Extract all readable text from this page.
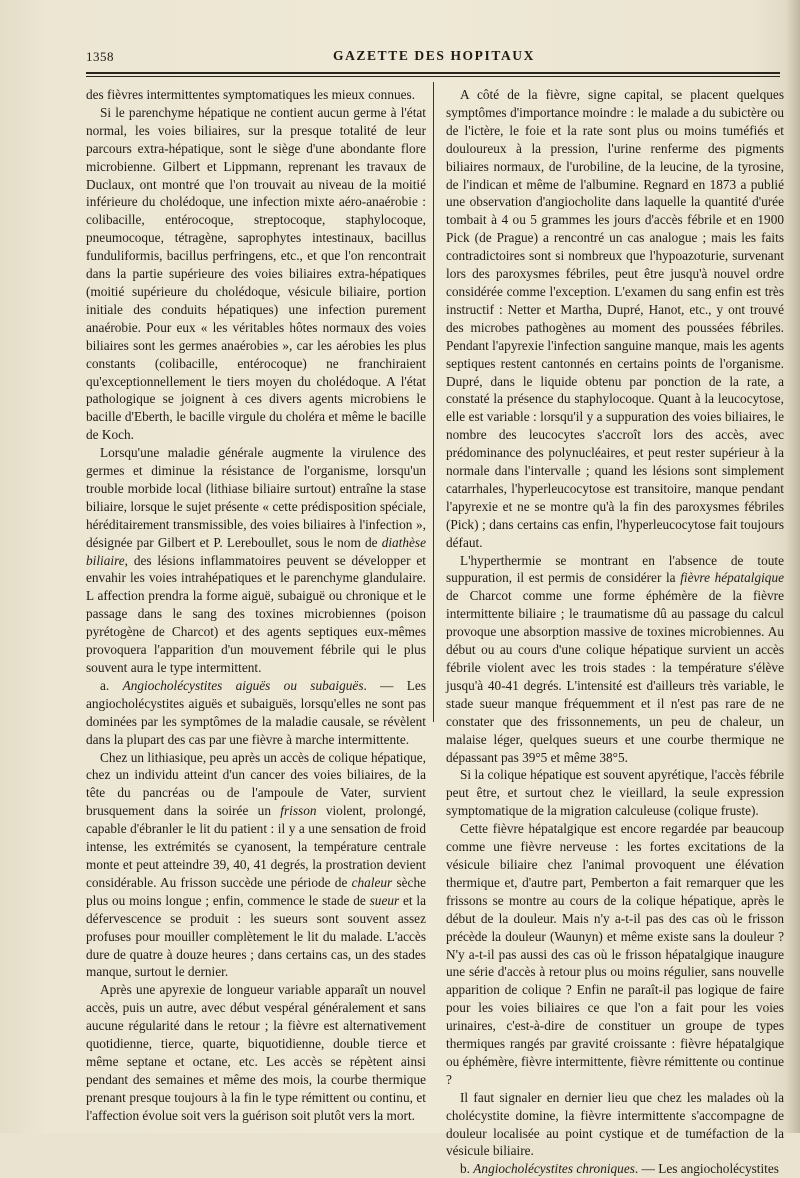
1358	GAZETTE DES HOPITAUX

des fièvres intermittentes symptomatiques les mieux connues.

Si le parenchyme hépatique ne contient aucun germe à l'état normal, les voies biliaires, sur la presque totalité de leur parcours extra-hépatique, sont le siège d'une abondante flore microbienne. Gilbert et Lippmann, reprenant les travaux de Duclaux, ont montré que l'on trouvait au niveau de la moitié inférieure du cholédoque, une infection mixte aéro-anaérobie : colibacille, entérocoque, streptocoque, staphylocoque, pneumocoque, tétragène, saprophytes intestinaux, bacillus funduliformis, bacillus perfringens, etc., et que l'on rencontrait dans la partie supérieure des voies biliaires extra-hépatiques (moitié supérieure du cholédoque, vésicule biliaire, portion initiale des conduits hépatiques) une infection purement anaérobie. Pour eux « les véritables hôtes normaux des voies biliaires sont les germes anaérobies », car les aérobies les plus constants (colibacille, entérocoque) ne franchiraient qu'exceptionnellement le tiers moyen du cholédoque. A l'état pathologique se joignent à ces divers agents microbiens le bacille d'Eberth, le bacille virgule du choléra et même le bacille de Koch.

Lorsqu'une maladie générale augmente la virulence des germes et diminue la résistance de l'organisme, lorsqu'un trouble morbide local (lithiase biliaire surtout) entraîne la stase biliaire, lorsque le sujet présente « cette prédisposition spéciale, héréditairement transmissible, des voies biliaires à l'infection », désignée par Gilbert et P. Lereboullet, sous le nom de diathèse biliaire, des lésions inflammatoires peuvent se développer et envahir les voies intrahépatiques et le parenchyme glandulaire. L affection prendra la forme aiguë, subaiguë ou chronique et le passage dans le sang des toxines microbiennes (poison pyrétogène de Charcot) et des agents septiques eux-mêmes provoquera l'apparition d'un mouvement fébrile qui le plus souvent aura le type intermittent.

a. Angiocholécystites aiguës ou subaiguës. — Les angiocholécystites aiguës et subaiguës, lorsqu'elles ne sont pas dominées par les symptômes de la maladie causale, se révèlent dans la plupart des cas par une fièvre à marche intermittente.

Chez un lithiasique, peu après un accès de colique hépatique, chez un individu atteint d'un cancer des voies biliaires, de la tête du pancréas ou de l'ampoule de Vater, survient brusquement dans la soirée un frisson violent, prolongé, capable d'ébranler le lit du patient : il y a une sensation de froid intense, les extrémités se cyanosent, la température centrale monte et peut atteindre 39, 40, 41 degrés, la prostration devient considérable. Au frisson succède une période de chaleur sèche plus ou moins longue ; enfin, commence le stade de sueur et la défervescence se produit : les sueurs sont souvent assez profuses pour mouiller complètement le lit du malade. L'accès dure de quatre à douze heures ; dans certains cas, un des stades manque, surtout le dernier.

Après une apyrexie de longueur variable apparaît un nouvel accès, puis un autre, avec début vespéral généralement et sans aucune régularité dans le retour ; la fièvre est alternativement quotidienne, tierce, quarte, biquotidienne, double tierce et même septane et octane, etc. Les accès se répètent ainsi pendant des semaines et même des mois, la courbe thermique prenant presque toujours à la fin le type rémittent ou continu, et l'affection évolue soit vers la guérison soit plutôt vers la mort.

A côté de la fièvre, signe capital, se placent quelques symptômes d'importance moindre : le malade a du subictère ou de l'ictère, le foie et la rate sont plus ou moins tuméfiés et douloureux à la pression, l'urine renferme des pigments biliaires normaux, de l'urobiline, de la leucine, de la tyrosine, de l'indican et même de l'albumine. Regnard en 1873 a publié une observation d'angiocholite dans laquelle la quantité d'urée tombait à 4 ou 5 grammes les jours d'accès fébrile et en 1900 Pick (de Prague) a rencontré un cas analogue ; mais les faits contradictoires sont si nombreux que l'hypoazoturie, survenant lors des paroxysmes fébriles, peut être jusqu'à nouvel ordre considérée comme l'exception. L'examen du sang enfin est très instructif : Netter et Martha, Dupré, Hanot, etc., y ont trouvé des microbes pathogènes au moment des poussées fébriles. Pendant l'apyrexie l'infection sanguine manque, mais les agents septiques restent cantonnés en certains points de l'organisme. Dupré, dans le liquide obtenu par ponction de la rate, a constaté la présence du staphylocoque. Quant à la leucocytose, elle est variable : lorsqu'il y a suppuration des voies biliaires, le nombre des leucocytes s'accroît lors des accès, avec prédominance des polynucléaires, et peut rester supérieur à la normale dans l'intervalle ; quand les lésions sont simplement catarrhales, l'hyperleucocytose est transitoire, manque pendant l'apyrexie et ne se montre qu'à la fin des paroxysmes fébriles (Pick) ; dans certains cas enfin, l'hyperleucocytose fait toujours défaut.

L'hyperthermie se montrant en l'absence de toute suppuration, il est permis de considérer la fièvre hépatalgique de Charcot comme une forme éphémère de la fièvre intermittente biliaire ; le traumatisme dû au passage du calcul provoque une absorption massive de toxines microbiennes. Au début ou au cours d'une colique hépatique survient un accès fébrile violent avec les trois stades : la température s'élève jusqu'à 40-41 degrés. L'intensité est d'ailleurs très variable, le stade sueur manque fréquemment et il n'est pas rare de ne constater que des frissonnements, un peu de chaleur, un malaise léger, quelques sueurs et une courbe thermique ne dépassant pas 39°5 et même 38°5.

Si la colique hépatique est souvent apyrétique, l'accès fébrile peut être, et surtout chez le vieillard, la seule expression symptomatique de la migration calculeuse (colique fruste).

Cette fièvre hépatalgique est encore regardée par beaucoup comme une fièvre nerveuse : les fortes excitations de la vésicule biliaire chez l'animal provoquent une élévation thermique et, d'autre part, Pemberton a fait remarquer que les frissons se montre au cours de la colique hépatique, après le début de la douleur. Mais n'y a-t-il pas des cas où le frisson précède la douleur (Waunyn) et même existe sans la douleur ? N'y a-t-il pas aussi des cas où le frisson hépatalgique inaugure une série d'accès à retour plus ou moins régulier, sans nouvelle apparition de colique ? Enfin ne paraît-il pas logique de faire pour les voies biliaires ce que l'on a fait pour les voies urinaires, c'est-à-dire de constituer un groupe de types thermiques rangés par gravité croissante : fièvre hépatalgique ou éphémère, fièvre intermittente, fièvre rémittente ou continue ?

Il faut signaler en dernier lieu que chez les malades où la cholécystite domine, la fièvre intermittente s'accompagne de douleur localisée au point cystique et de tuméfaction de la vésicule biliaire.

b. Angiocholécystites chroniques. — Les angiocholécystites
